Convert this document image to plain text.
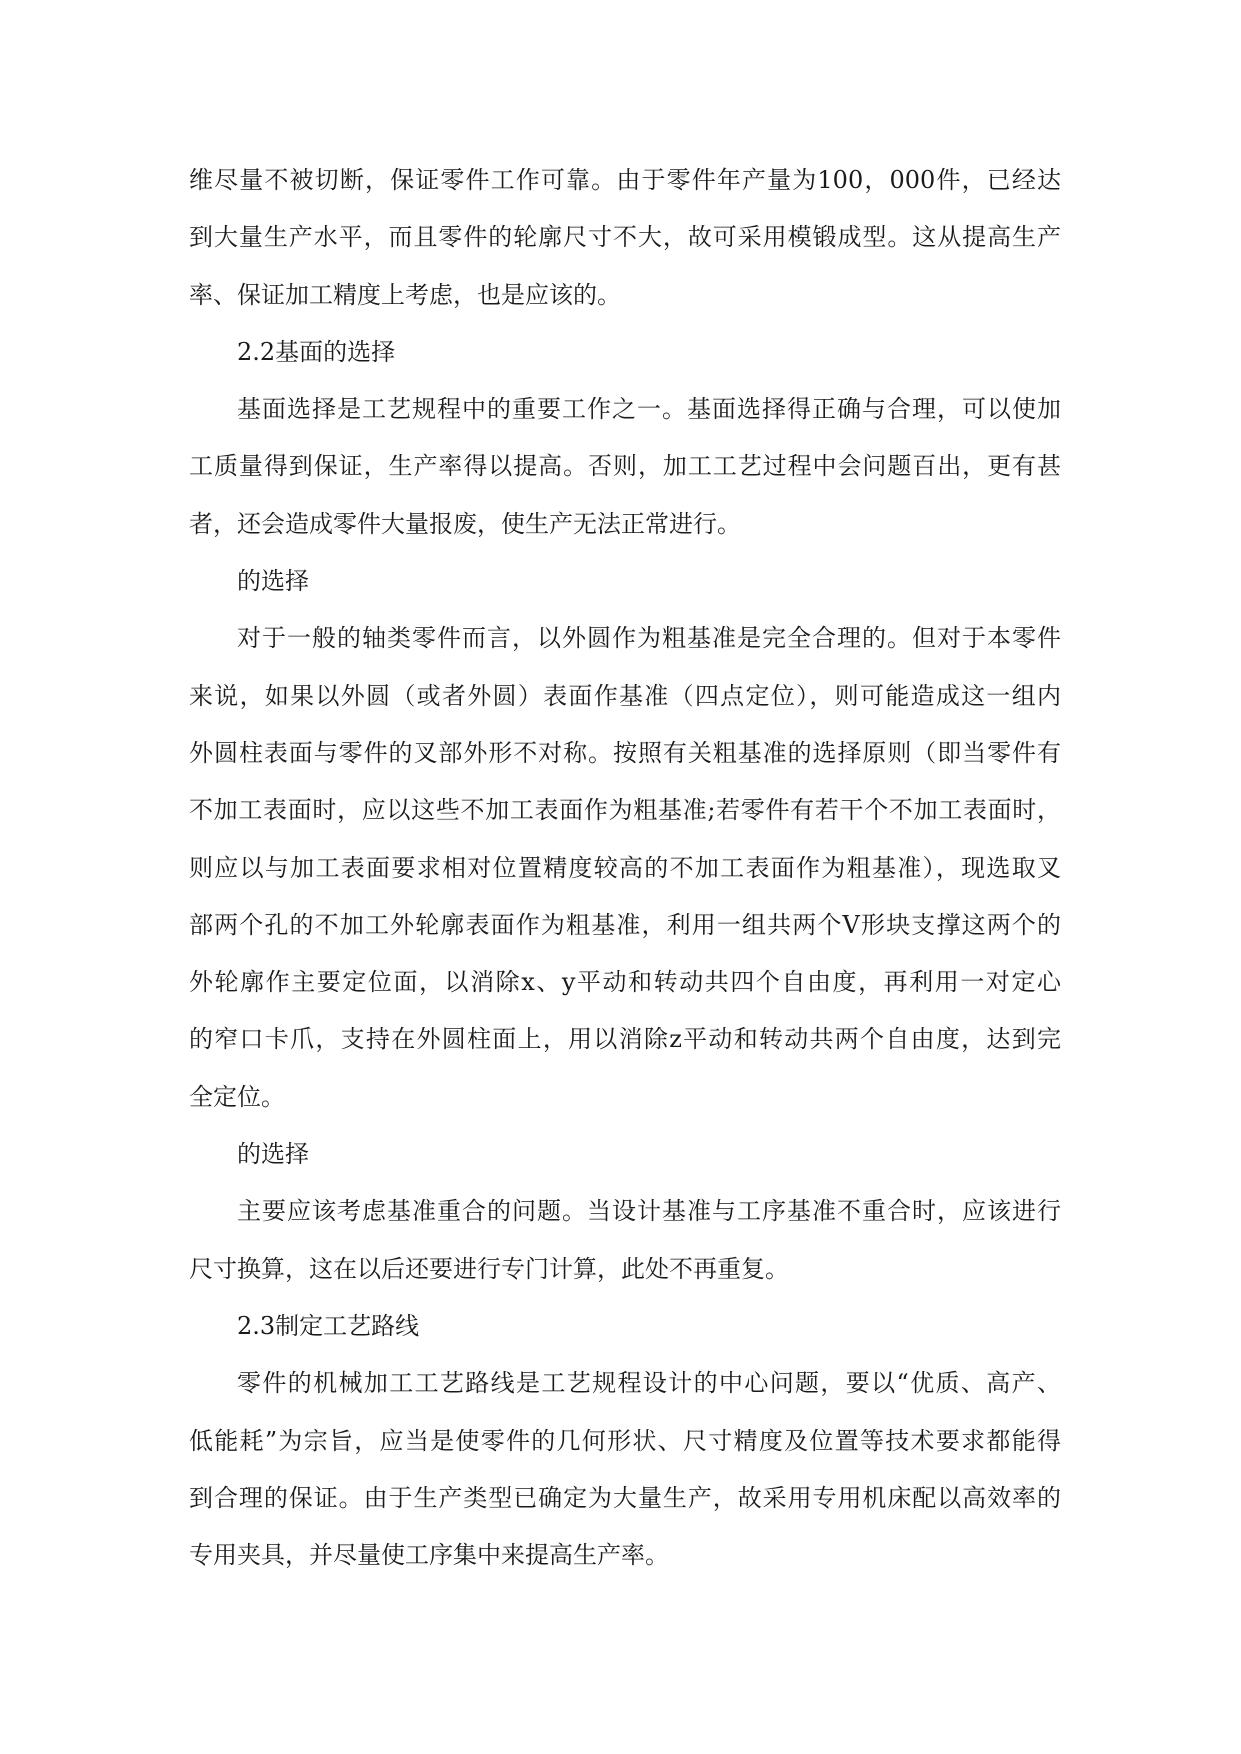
维尽量不被切断，保证零件工作可靠。由于零件年产量为100，000件，已经达
到大量生产水平，而且零件的轮廓尺寸不大，故可采用模锻成型。这从提高生产
率、保证加工精度上考虑，也是应该的。
2.2基面的选择
基面选择是工艺规程中的重要工作之一。基面选择得正确与合理，可以使加
工质量得到保证，生产率得以提高。否则，加工工艺过程中会问题百出，更有甚
者，还会造成零件大量报废，使生产无法正常进行。
的选择
对于一般的轴类零件而言，以外圆作为粗基准是完全合理的。但对于本零件
来说，如果以外圆（或者外圆）表面作基准（四点定位），则可能造成这一组内
外圆柱表面与零件的叉部外形不对称。按照有关粗基准的选择原则（即当零件有
不加工表面时，应以这些不加工表面作为粗基准;若零件有若干个不加工表面时，
则应以与加工表面要求相对位置精度较高的不加工表面作为粗基准），现选取叉
部两个孔的不加工外轮廓表面作为粗基准，利用一组共两个V形块支撑这两个的
外轮廓作主要定位面，以消除x、y平动和转动共四个自由度，再利用一对定心
的窄口卡爪，支持在外圆柱面上，用以消除z平动和转动共两个自由度，达到完
全定位。
的选择
主要应该考虑基准重合的问题。当设计基准与工序基准不重合时，应该进行
尺寸换算，这在以后还要进行专门计算，此处不再重复。
2.3制定工艺路线
零件的机械加工工艺路线是工艺规程设计的中心问题，要以“优质、高产、
低能耗”为宗旨，应当是使零件的几何形状、尺寸精度及位置等技术要求都能得
到合理的保证。由于生产类型已确定为大量生产，故采用专用机床配以高效率的
专用夹具，并尽量使工序集中来提高生产率。
